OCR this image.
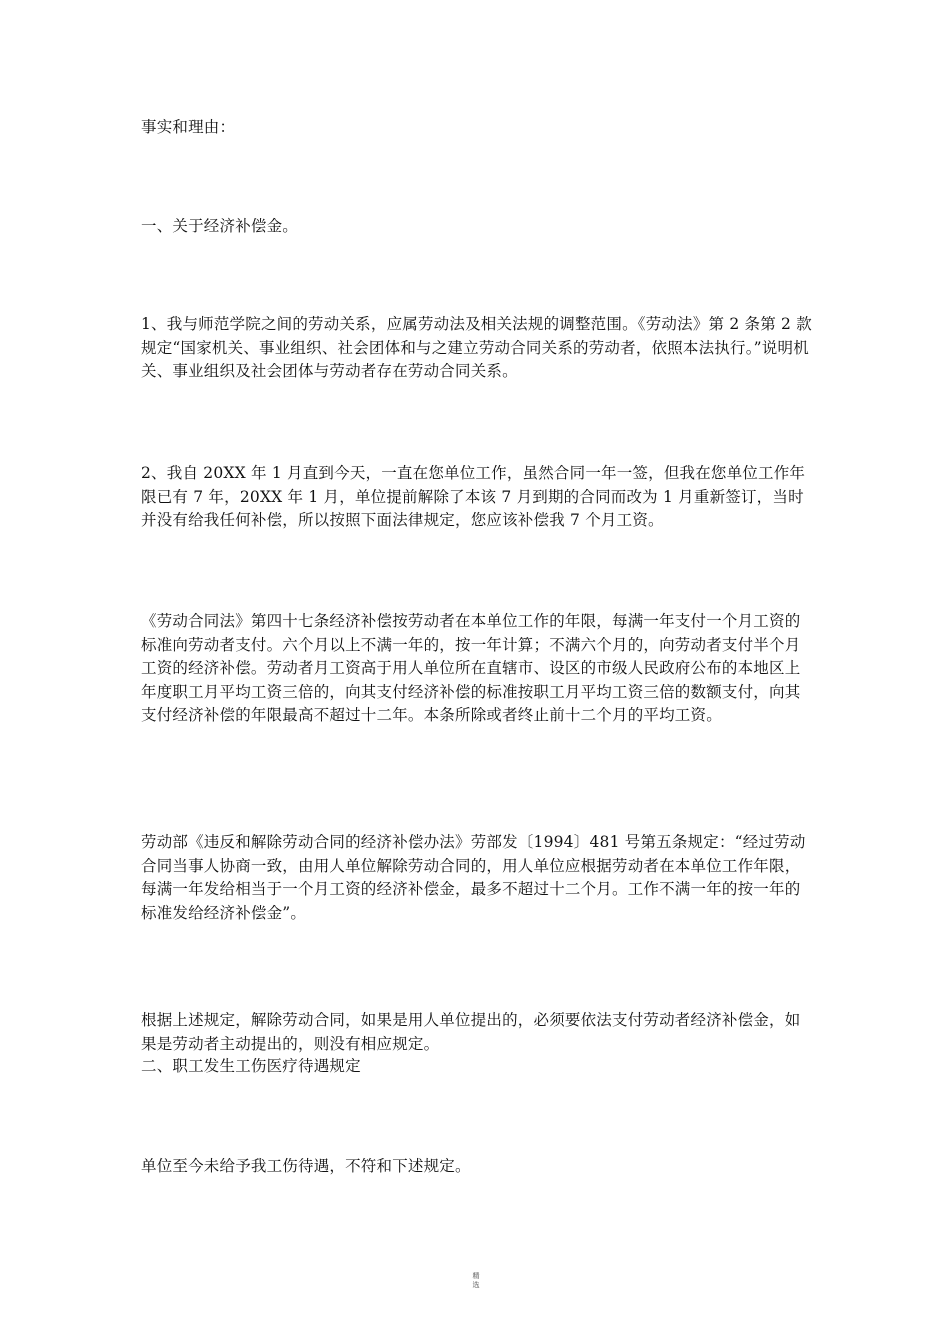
事实和理由：

一、关于经济补偿金。

1、我与师范学院之间的劳动关系，应属劳动法及相关法规的调整范围。《劳动法》第 2 条第 2 款规定“国家机关、事业组织、社会团体和与之建立劳动合同关系的劳动者，依照本法执行。”说明机关、事业组织及社会团体与劳动者存在劳动合同关系。

2、我自 20XX 年 1 月直到今天，一直在您单位工作，虽然合同一年一签，但我在您单位工作年限已有 7 年，20XX 年 1 月，单位提前解除了本该 7 月到期的合同而改为 1 月重新签订，当时并没有给我任何补偿，所以按照下面法律规定，您应该补偿我 7 个月工资。

《劳动合同法》第四十七条经济补偿按劳动者在本单位工作的年限，每满一年支付一个月工资的标准向劳动者支付。六个月以上不满一年的，按一年计算；不满六个月的，向劳动者支付半个月工资的经济补偿。劳动者月工资高于用人单位所在直辖市、设区的市级人民政府公布的本地区上年度职工月平均工资三倍的，向其支付经济补偿的标准按职工月平均工资三倍的数额支付，向其支付经济补偿的年限最高不超过十二年。本条所除或者终止前十二个月的平均工资。

劳动部《违反和解除劳动合同的经济补偿办法》劳部发〔1994〕481 号第五条规定：“经过劳动合同当事人协商一致，由用人单位解除劳动合同的，用人单位应根据劳动者在本单位工作年限，每满一年发给相当于一个月工资的经济补偿金，最多不超过十二个月。工作不满一年的按一年的标准发给经济补偿金”。

根据上述规定，解除劳动合同，如果是用人单位提出的，必须要依法支付劳动者经济补偿金，如果是劳动者主动提出的，则没有相应规定。

二、职工发生工伤医疗待遇规定

单位至今未给予我工伤待遇，不符和下述规定。

精选
